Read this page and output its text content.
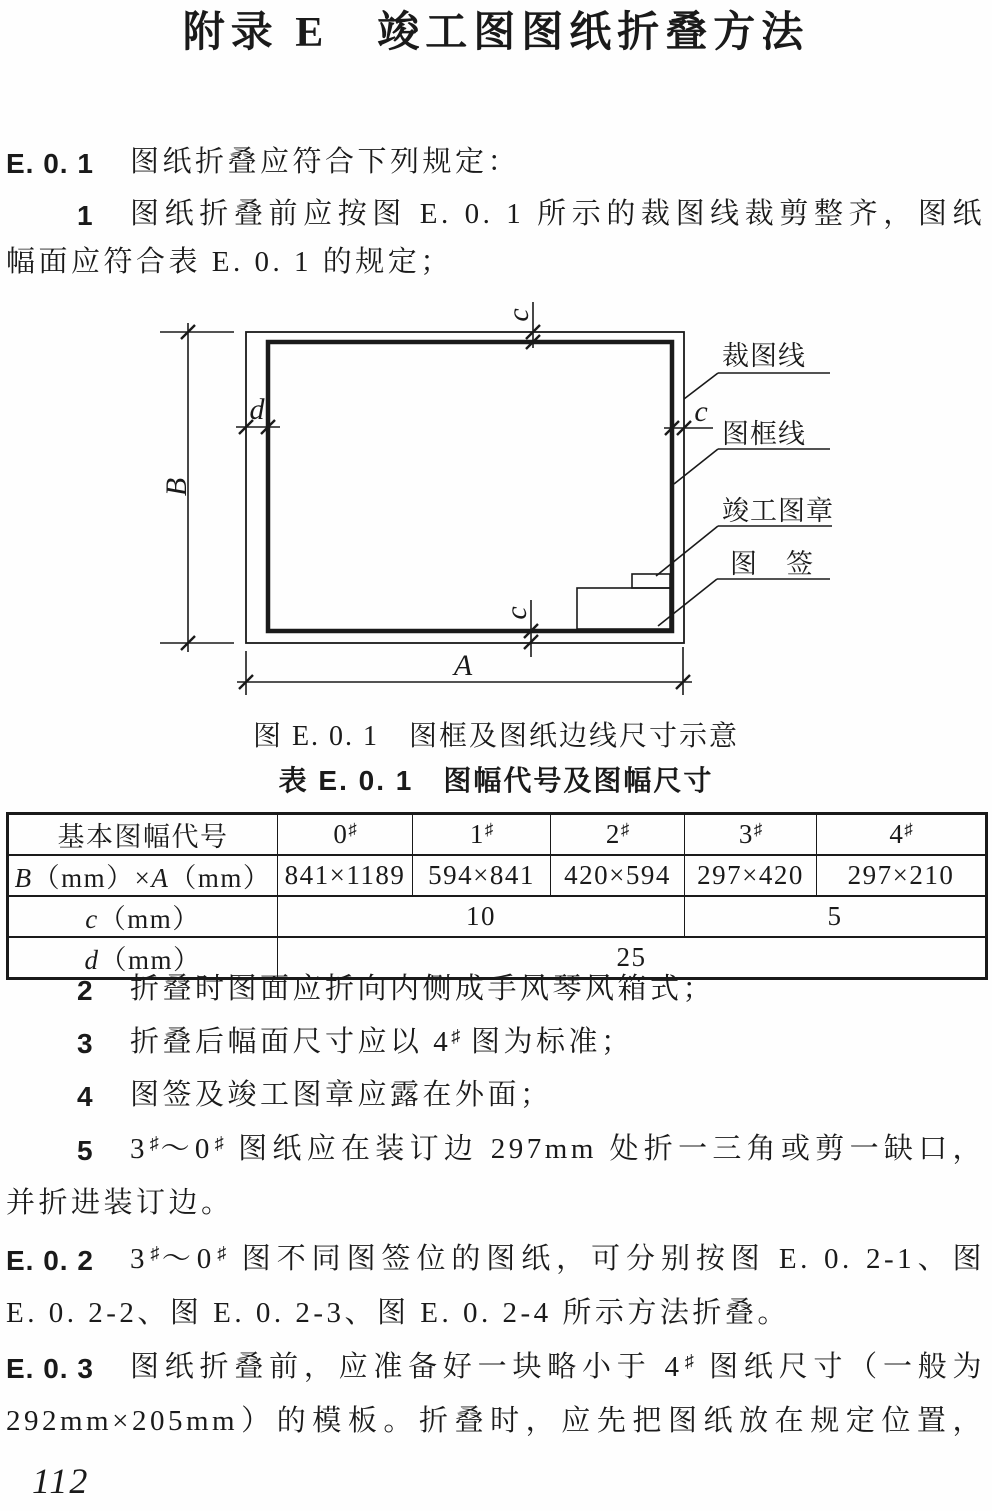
附录 E　竣工图图纸折叠方法
E. 0. 1 图纸折叠应符合下列规定：
1 图纸折叠前应按图 E. 0. 1 所示的裁图线裁剪整齐，图纸
幅面应符合表 E. 0. 1 的规定；
B
d
c
c
c
A
裁图线
图框线
竣工图章
图　签
图 E. 0. 1　图框及图纸边线尺寸示意
表 E. 0. 1　图幅代号及图幅尺寸
基本图幅代号	0♯	1♯	2♯	3♯	4♯
B（mm）×A（mm）	841×1189	594×841	420×594	297×420	297×210
c（mm）	10			5	
d（mm）	25				
2 折叠时图面应折向内侧成手风琴风箱式；
3 折叠后幅面尺寸应以 4♯ 图为标准；
4 图签及竣工图章应露在外面；
5 3♯～0♯ 图纸应在装订边 297mm 处折一三角或剪一缺口，
并折进装订边。
E. 0. 2 3♯～0♯ 图不同图签位的图纸，可分别按图 E. 0. 2-1、图
E. 0. 2-2、图 E. 0. 2-3、图 E. 0. 2-4 所示方法折叠。
E. 0. 3 图纸折叠前，应准备好一块略小于 4♯ 图纸尺寸（一般为
292mm×205mm）的模板。折叠时，应先把图纸放在规定位置，
112
